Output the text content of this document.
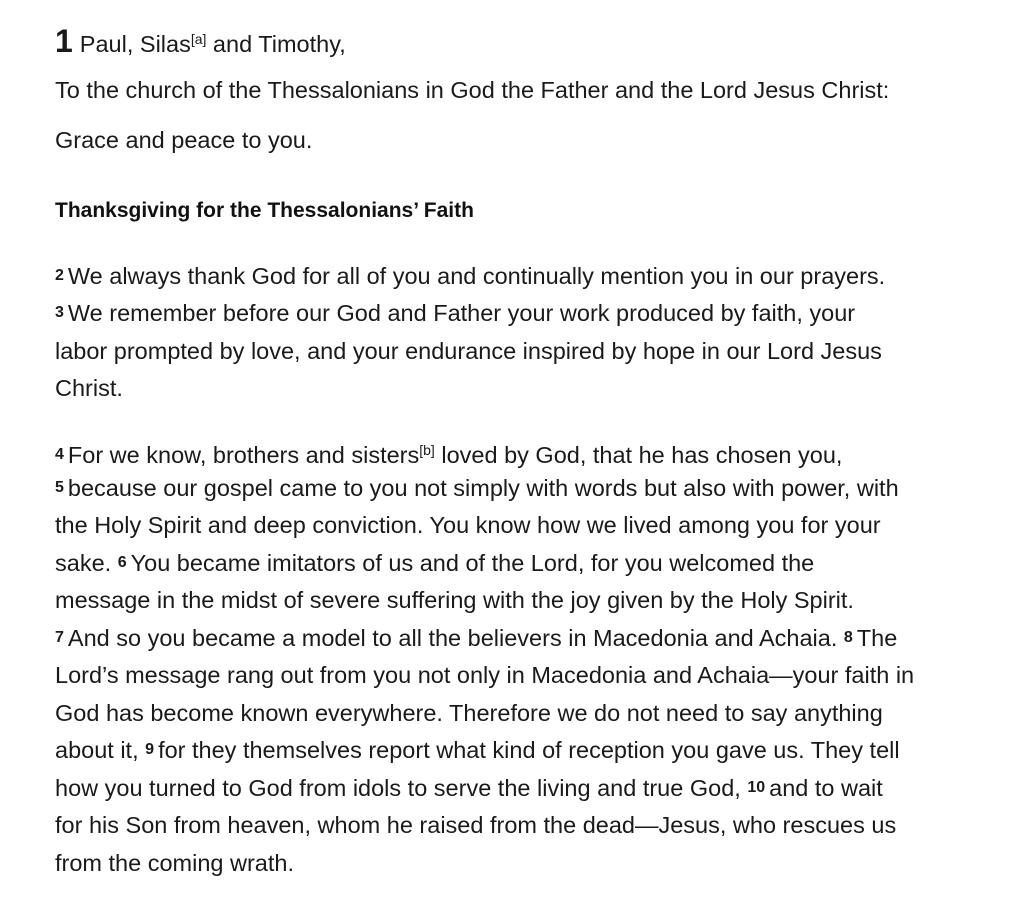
1 Paul, Silas[a] and Timothy,
To the church of the Thessalonians in God the Father and the Lord Jesus Christ:
Grace and peace to you.
Thanksgiving for the Thessalonians’ Faith
2 We always thank God for all of you and continually mention you in our prayers.
3 We remember before our God and Father your work produced by faith, your
labor prompted by love, and your endurance inspired by hope in our Lord Jesus
Christ.
4 For we know, brothers and sisters[b] loved by God, that he has chosen you,
5 because our gospel came to you not simply with words but also with power, with
the Holy Spirit and deep conviction. You know how we lived among you for your
sake. 6 You became imitators of us and of the Lord, for you welcomed the
message in the midst of severe suffering with the joy given by the Holy Spirit.
7 And so you became a model to all the believers in Macedonia and Achaia. 8 The
Lord’s message rang out from you not only in Macedonia and Achaia—your faith in
God has become known everywhere. Therefore we do not need to say anything
about it, 9 for they themselves report what kind of reception you gave us. They tell
how you turned to God from idols to serve the living and true God, 10 and to wait
for his Son from heaven, whom he raised from the dead—Jesus, who rescues us
from the coming wrath.
